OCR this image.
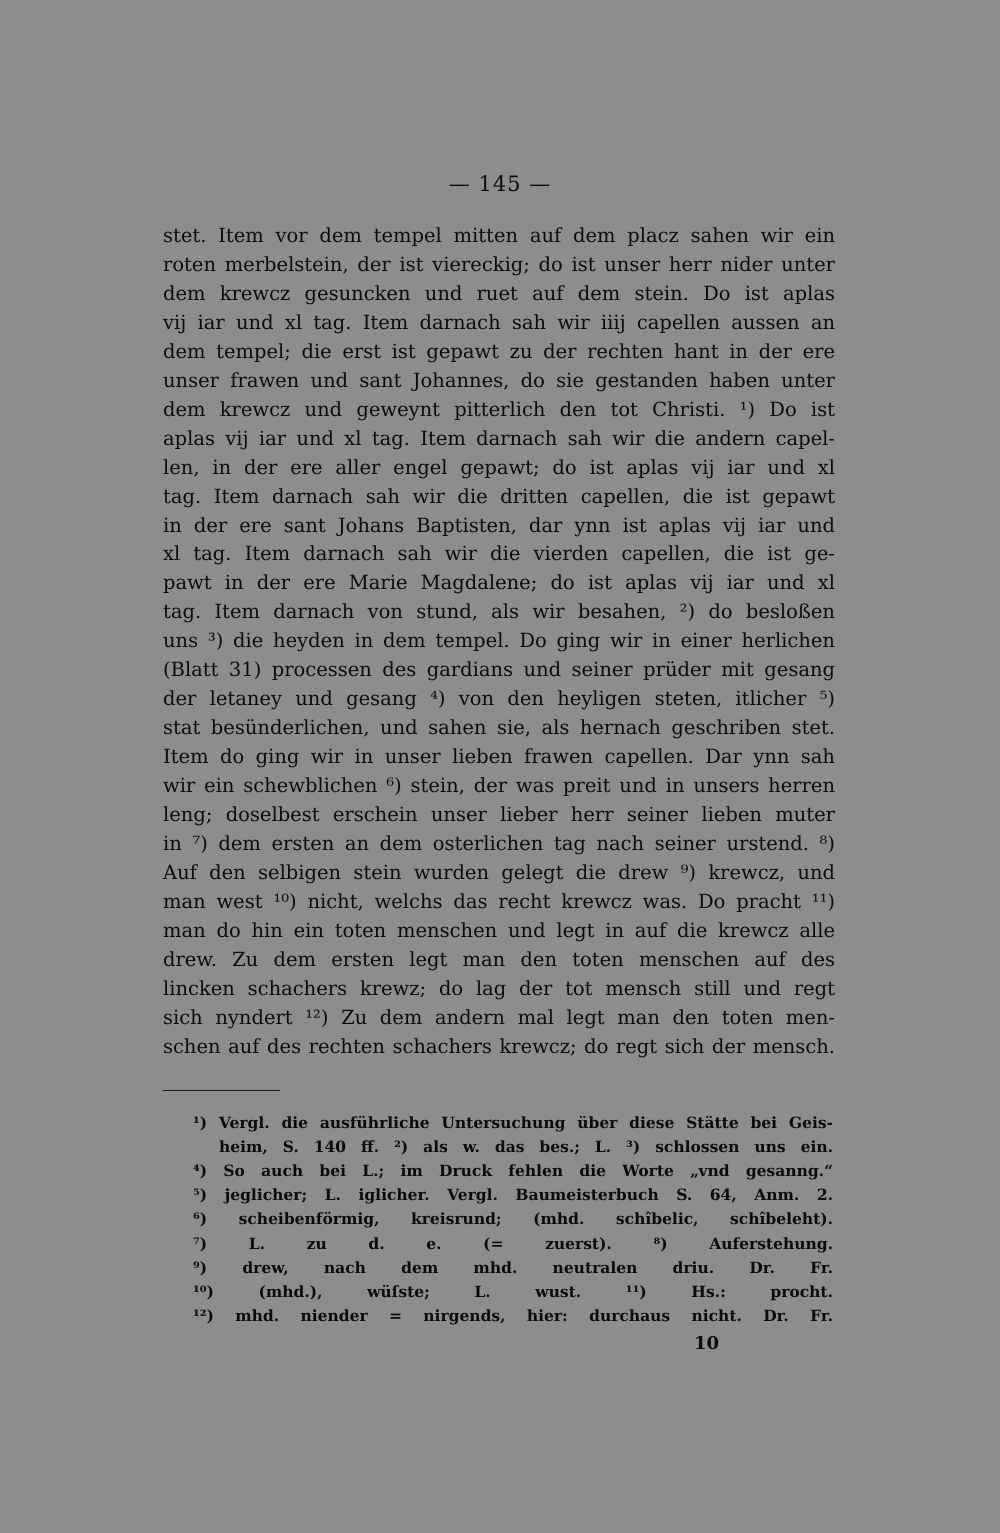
— 145 —
stet. Item vor dem tempel mitten auf dem placz sahen wir ein
roten merbelstein, der ist viereckig; do ist unser herr nider unter
dem krewcz gesuncken und ruet auf dem stein. Do ist aplas
vij iar und xl tag. Item darnach sah wir iiij capellen aussen an
dem tempel; die erst ist gepawt zu der rechten hant in der ere
unser frawen und sant Johannes, do sie gestanden haben unter
dem krewcz und geweynt pitterlich den tot Christi. ¹) Do ist
aplas vij iar und xl tag. Item darnach sah wir die andern capel-
len, in der ere aller engel gepawt; do ist aplas vij iar und xl
tag. Item darnach sah wir die dritten capellen, die ist gepawt
in der ere sant Johans Baptisten, dar ynn ist aplas vij iar und
xl tag. Item darnach sah wir die vierden capellen, die ist ge-
pawt in der ere Marie Magdalene; do ist aplas vij iar und xl
tag. Item darnach von stund, als wir besahen, ²) do besloßen
uns ³) die heyden in dem tempel. Do ging wir in einer herlichen
(Blatt 31) processen des gardians und seiner prüder mit gesang
der letaney und gesang ⁴) von den heyligen steten, itlicher ⁵)
stat besünderlichen, und sahen sie, als hernach geschriben stet.
Item do ging wir in unser lieben frawen capellen. Dar ynn sah
wir ein schewblichen ⁶) stein, der was preit und in unsers herren
leng; doselbest erschein unser lieber herr seiner lieben muter
in ⁷) dem ersten an dem osterlichen tag nach seiner urstend. ⁸)
Auf den selbigen stein wurden gelegt die drew ⁹) krewcz, und
man west ¹⁰) nicht, welchs das recht krewcz was. Do pracht ¹¹)
man do hin ein toten menschen und legt in auf die krewcz alle
drew. Zu dem ersten legt man den toten menschen auf des
lincken schachers krewz; do lag der tot mensch still und regt
sich nyndert ¹²) Zu dem andern mal legt man den toten men-
schen auf des rechten schachers krewcz; do regt sich der mensch.
¹) Vergl. die ausführliche Untersuchung über diese Stätte bei Geis-
heim, S. 140 ff. ²) als w. das bes.; L. ³) schlossen uns ein.
⁴) So auch bei L.; im Druck fehlen die Worte „vnd gesanng.“
⁵) jeglicher; L. iglicher. Vergl. Baumeisterbuch S. 64, Anm. 2.
⁶) scheibenförmig, kreisrund; (mhd. schîbelic, schîbeleht).
⁷) L. zu d. e. (= zuerst). ⁸) Auferstehung.
⁹) drew, nach dem mhd. neutralen driu. Dr. Fr.
¹⁰) (mhd.), wüſste; L. wust. ¹¹) Hs.: procht.
¹²) mhd. niender = nirgends, hier: durchaus nicht. Dr. Fr.
10
